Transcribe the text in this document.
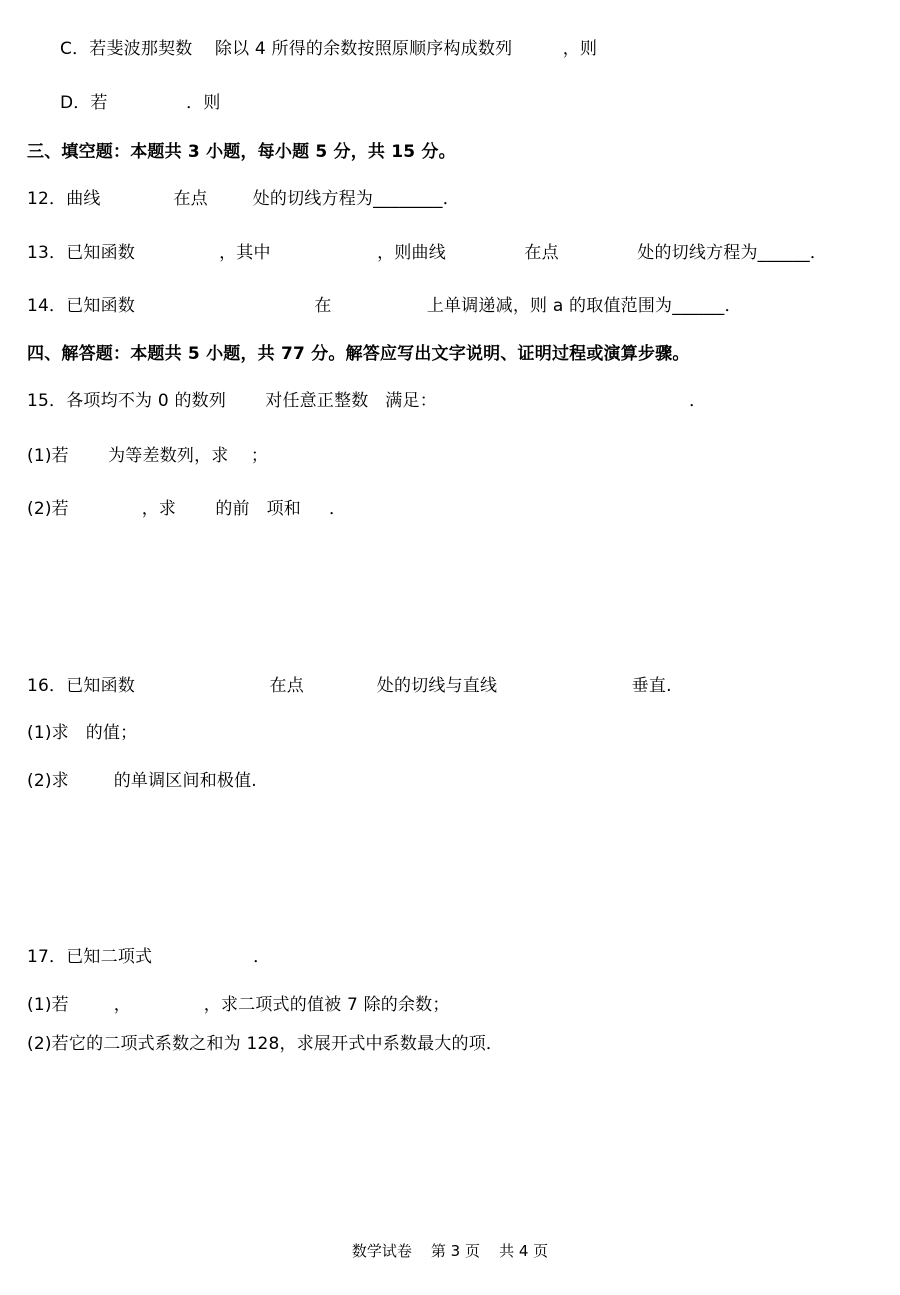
C．若斐波那契数    除以 4 所得的余数按照原顺序构成数列         ，则
D．若              ．则
三、填空题：本题共 3 小题，每小题 5 分，共 15 分。
12．曲线             在点        处的切线方程为________．
13．已知函数               ，其中                   ，则曲线              在点              处的切线方程为______．
14．已知函数                                在                 上单调递减，则 a 的取值范围为______．
四、解答题：本题共 5 小题，共 77 分。解答应写出文字说明、证明过程或演算步骤。
15．各项均不为 0 的数列       对任意正整数   满足：                                             ．
(1)若       为等差数列，求    ；
(2)若             ，求       的前   项和     ．
16．已知函数                        在点             处的切线与直线                        垂直.
(1)求   的值；
(2)求        的单调区间和极值.
17．已知二项式                  ．
(1)若        ，             ，求二项式的值被 7 除的余数；
(2)若它的二项式系数之和为 128，求展开式中系数最大的项．
数学试卷    第 3 页    共 4 页
